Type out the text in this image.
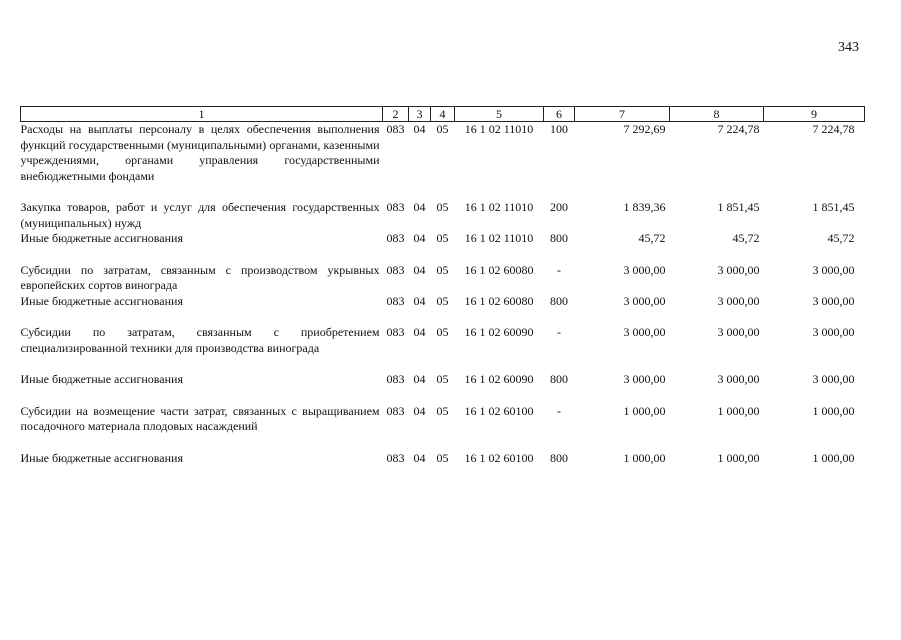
343
1	2	3	4	5	6	7	8	9
Расходы на выплаты персоналу в целях обеспечения выполнения функций государственными (муниципальными) органами, казенными учреждениями, органами управления государственными внебюджетными фондами	083	04	05	16 1 02 11010	100	7 292,69	7 224,78	7 224,78

Закупка товаров, работ и услуг для обеспечения государственных (муниципальных) нужд	083	04	05	16 1 02 11010	200	1 839,36	1 851,45	1 851,45
Иные бюджетные ассигнования	083	04	05	16 1 02 11010	800	45,72	45,72	45,72

Субсидии по затратам, связанным с производством укрывных европейских сортов винограда	083	04	05	16 1 02 60080	-	3 000,00	3 000,00	3 000,00
Иные бюджетные ассигнования	083	04	05	16 1 02 60080	800	3 000,00	3 000,00	3 000,00

Субсидии по затратам, связанным с приобретением специализированной техники для производства винограда	083	04	05	16 1 02 60090	-	3 000,00	3 000,00	3 000,00

Иные бюджетные ассигнования	083	04	05	16 1 02 60090	800	3 000,00	3 000,00	3 000,00

Субсидии на возмещение части затрат, связанных с выращиванием посадочного материала плодовых насаждений	083	04	05	16 1 02 60100	-	1 000,00	1 000,00	1 000,00

Иные бюджетные ассигнования	083	04	05	16 1 02 60100	800	1 000,00	1 000,00	1 000,00
